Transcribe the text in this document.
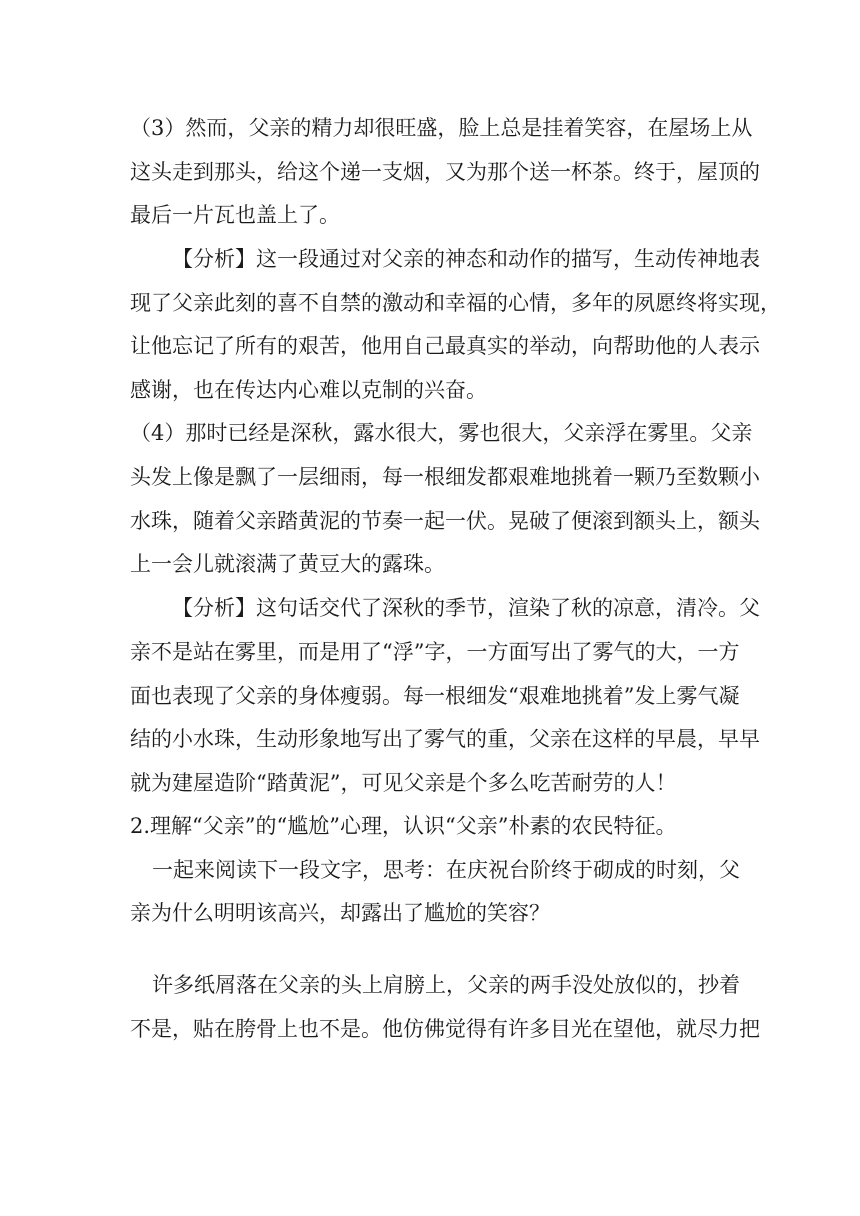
（3）然而，父亲的精力却很旺盛，脸上总是挂着笑容，在屋场上从
这头走到那头，给这个递一支烟，又为那个送一杯茶。终于，屋顶的
最后一片瓦也盖上了。
【分析】这一段通过对父亲的神态和动作的描写，生动传神地表
现了父亲此刻的喜不自禁的激动和幸福的心情，多年的夙愿终将实现，
让他忘记了所有的艰苦，他用自己最真实的举动，向帮助他的人表示
感谢，也在传达内心难以克制的兴奋。
（4）那时已经是深秋，露水很大，雾也很大，父亲浮在雾里。父亲
头发上像是飘了一层细雨，每一根细发都艰难地挑着一颗乃至数颗小
水珠，随着父亲踏黄泥的节奏一起一伏。晃破了便滚到额头上，额头
上一会儿就滚满了黄豆大的露珠。
【分析】这句话交代了深秋的季节，渲染了秋的凉意，清冷。父
亲不是站在雾里，而是用了“浮”字，一方面写出了雾气的大，一方
面也表现了父亲的身体瘦弱。每一根细发“艰难地挑着”发上雾气凝
结的小水珠，生动形象地写出了雾气的重，父亲在这样的早晨，早早
就为建屋造阶“踏黄泥”，可见父亲是个多么吃苦耐劳的人！
2.理解“父亲”的“尴尬”心理，认识“父亲”朴素的农民特征。
一起来阅读下一段文字，思考：在庆祝台阶终于砌成的时刻，父
亲为什么明明该高兴，却露出了尴尬的笑容？
许多纸屑落在父亲的头上肩膀上，父亲的两手没处放似的，抄着
不是，贴在胯骨上也不是。他仿佛觉得有许多目光在望他，就尽力把
